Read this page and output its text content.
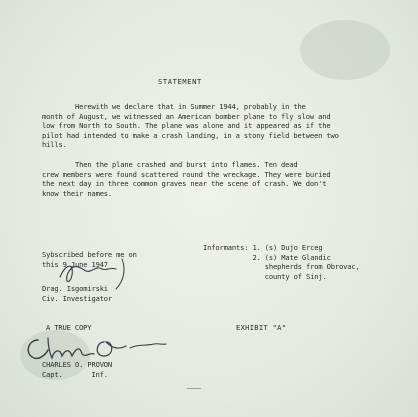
STATEMENT
Herewith we declare that in Summer 1944, probably in the
month of August, we witnessed an American bomber plane to fly slow and
low from North to South. The plane was alone and it appeared as if the
pilot had intended to make a crash landing, in a stony field between two
hills.
Then the plane crashed and burst into flames. Ten dead
crew members were found scattered round the wreckage. They were buried
the next day in three common graves near the scene of crash. We don't
know their names.
Informants: 1. (s) Dujo Erceg
2. (s) Mate Glandic
shepherds from Obrovac,
county of Sinj.
Sybscribed before me on
this 9 June 1947
Drag. Isgomirski
Civ. Investigator
A TRUE COPY	EXHIBIT "A"
CHARLES O. PROVON
Capt.       Inf.
